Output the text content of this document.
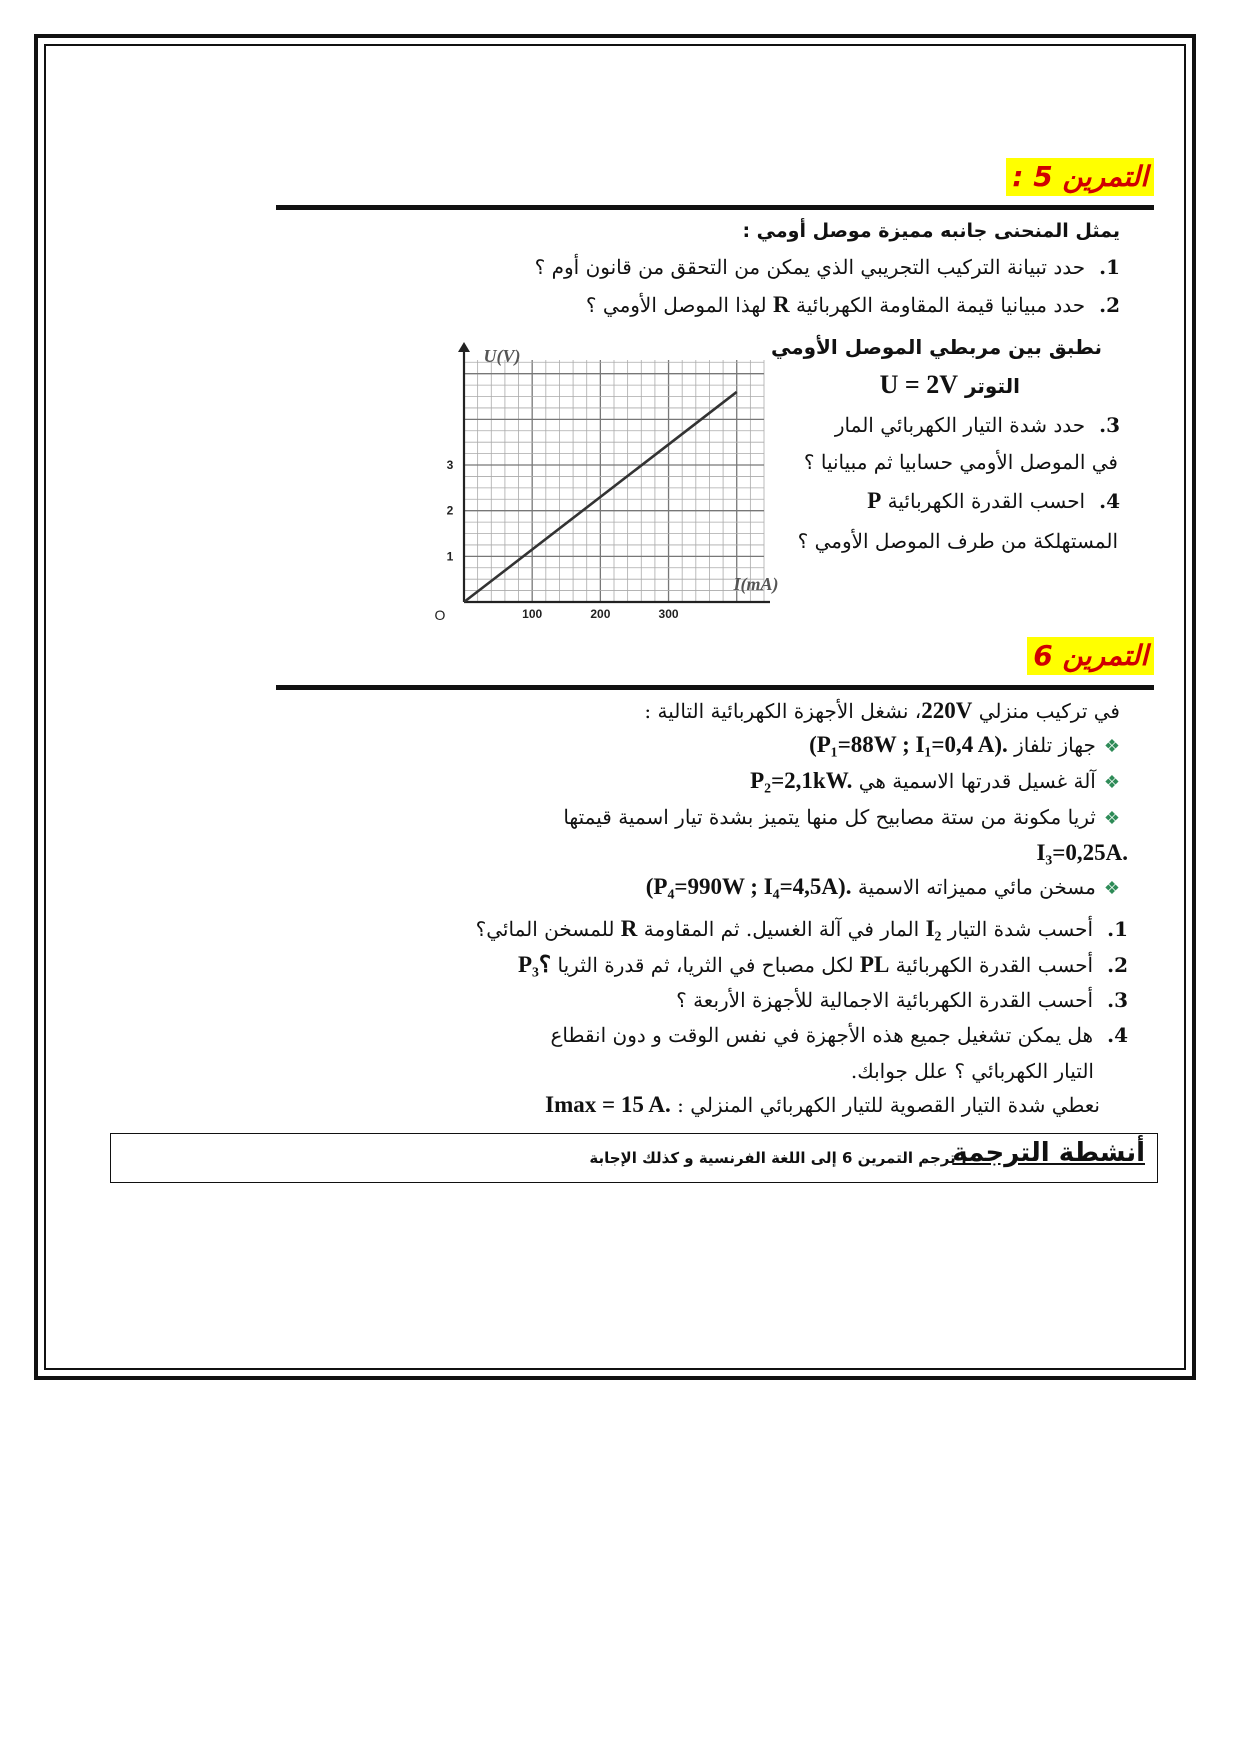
التمرين 5 :
يمثل المنحنى جانبه مميزة موصل أومي :
1.حدد تبيانة التركيب التجريبي الذي يمكن من التحقق من قانون أوم ؟
2.حدد مبيانيا قيمة المقاومة الكهربائية R لهذا الموصل الأومي ؟
نطبق بين مربطي الموصل الأومي
التوتر U = 2V
3.حدد شدة التيار الكهربائي المار
في الموصل الأومي حسابيا ثم مبيانيا ؟
4.احسب القدرة الكهربائية P
المستهلكة من طرف الموصل الأومي ؟
100	200	300
1
2
3
I(mA)
U(V)
O
التمرين 6
في تركيب منزلي 220V، نشغل الأجهزة الكهربائية التالية :
❖جهاز تلفاز (P₁=88W ; I₁=0,4 A).
❖آلة غسيل قدرتها الاسمية هي P₂=2,1kW.
❖ثريا مكونة من ستة مصابيح كل منها يتميز بشدة تيار اسمية قيمتها
I₃=0,25A.
❖مسخن مائي مميزاته الاسمية (P₄=990W ; I₄=4,5A).
1.أحسب شدة التيار I₂ المار في آلة الغسيل. ثم المقاومة R للمسخن المائي؟
2.أحسب القدرة الكهربائية PL لكل مصباح في الثريا، ثم قدرة الثريا P₃؟
3.أحسب القدرة الكهربائية الاجمالية للأجهزة الأربعة ؟
4.هل يمكن تشغيل جميع هذه الأجهزة في نفس الوقت و دون انقطاع
التيار الكهربائي ؟ علل جوابك.
نعطي شدة التيار القصوية للتيار الكهربائي المنزلي : Imax = 15 A.
أنشطة الترجمة
: ترجم التمرين 6 إلى اللغة الفرنسية و كذلك الإجابة
